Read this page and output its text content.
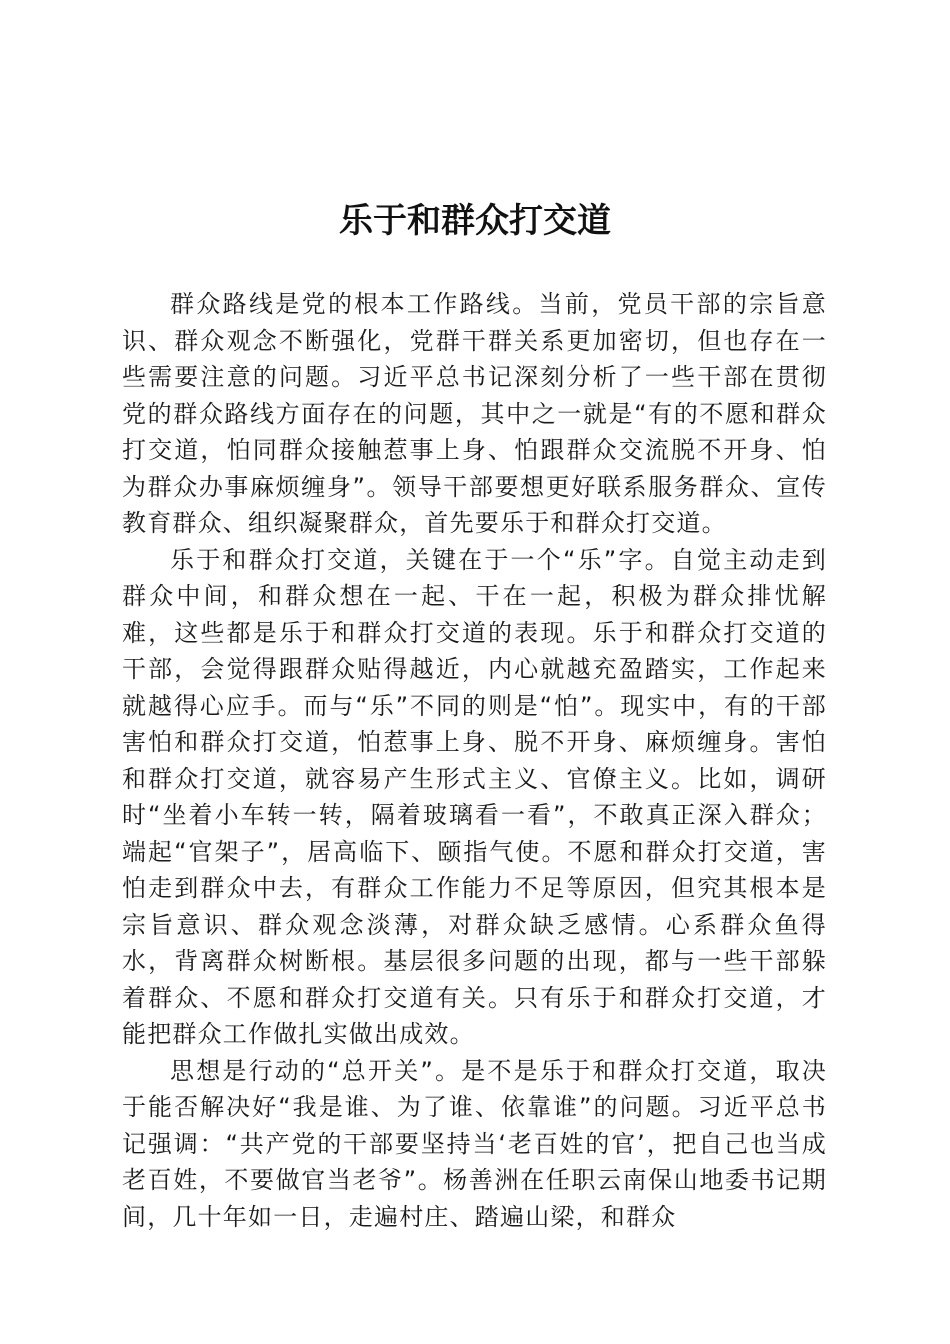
乐于和群众打交道

群众路线是党的根本工作路线。当前，党员干部的宗旨意识、群众观念不断强化，党群干群关系更加密切，但也存在一些需要注意的问题。习近平总书记深刻分析了一些干部在贯彻党的群众路线方面存在的问题，其中之一就是“有的不愿和群众打交道，怕同群众接触惹事上身、怕跟群众交流脱不开身、怕为群众办事麻烦缠身”。领导干部要想更好联系服务群众、宣传教育群众、组织凝聚群众，首先要乐于和群众打交道。

乐于和群众打交道，关键在于一个“乐”字。自觉主动走到群众中间，和群众想在一起、干在一起，积极为群众排忧解难，这些都是乐于和群众打交道的表现。乐于和群众打交道的干部，会觉得跟群众贴得越近，内心就越充盈踏实，工作起来就越得心应手。而与“乐”不同的则是“怕”。现实中，有的干部害怕和群众打交道，怕惹事上身、脱不开身、麻烦缠身。害怕和群众打交道，就容易产生形式主义、官僚主义。比如，调研时“坐着小车转一转，隔着玻璃看一看”，不敢真正深入群众；端起“官架子”，居高临下、颐指气使。不愿和群众打交道，害怕走到群众中去，有群众工作能力不足等原因，但究其根本是宗旨意识、群众观念淡薄，对群众缺乏感情。心系群众鱼得水，背离群众树断根。基层很多问题的出现，都与一些干部躲着群众、不愿和群众打交道有关。只有乐于和群众打交道，才能把群众工作做扎实做出成效。

思想是行动的“总开关”。是不是乐于和群众打交道，取决于能否解决好“我是谁、为了谁、依靠谁”的问题。习近平总书记强调：“共产党的干部要坚持当‘老百姓的官’，把自己也当成老百姓，不要做官当老爷”。杨善洲在任职云南保山地委书记期间，几十年如一日，走遍村庄、踏遍山梁，和群众
